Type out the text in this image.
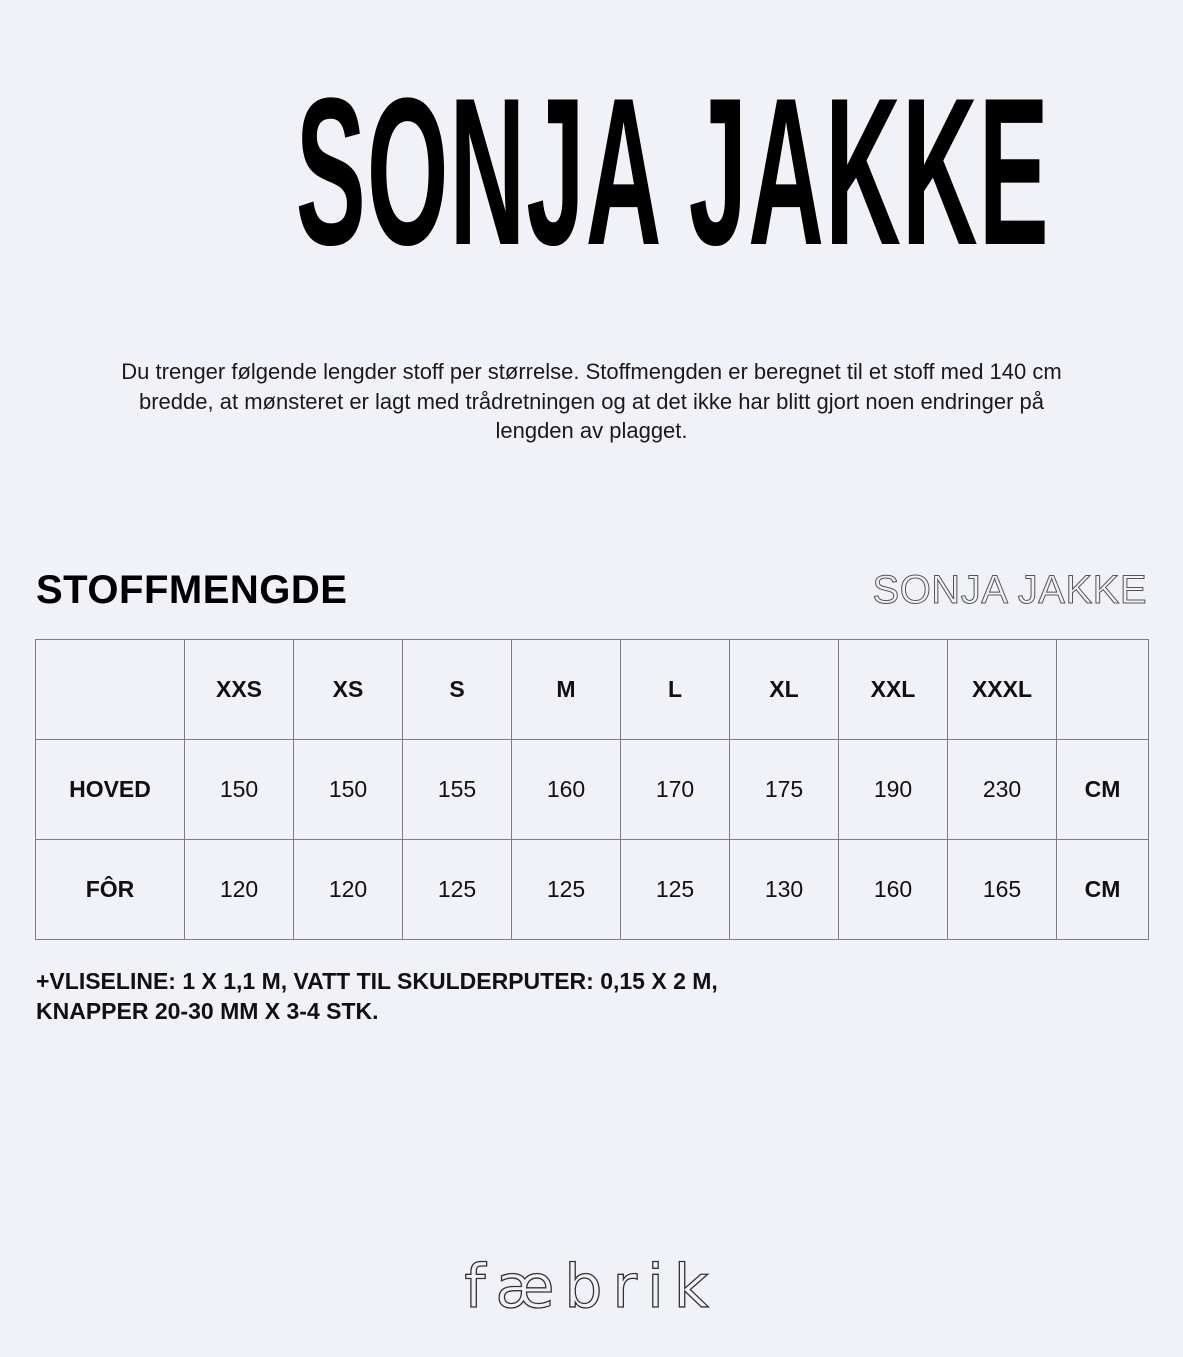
SONJA JAKKE

Du trenger følgende lengder stoff per størrelse. Stoffmengden er beregnet til et stoff med 140 cm bredde, at mønsteret er lagt med trådretningen og at det ikke har blitt gjort noen endringer på lengden av plagget.

STOFFMENGDE	SONJA JAKKE
	XXS	XS	S	M	L	XL	XXL	XXXL	
HOVED	150	150	155	160	170	175	190	230	CM
FÔR	120	120	125	125	125	130	160	165	CM
+VLISELINE: 1 X 1,1 M, VATT TIL SKULDERPUTER: 0,15 X 2 M,
KNAPPER 20-30 MM X 3-4 STK.
fæbrik
